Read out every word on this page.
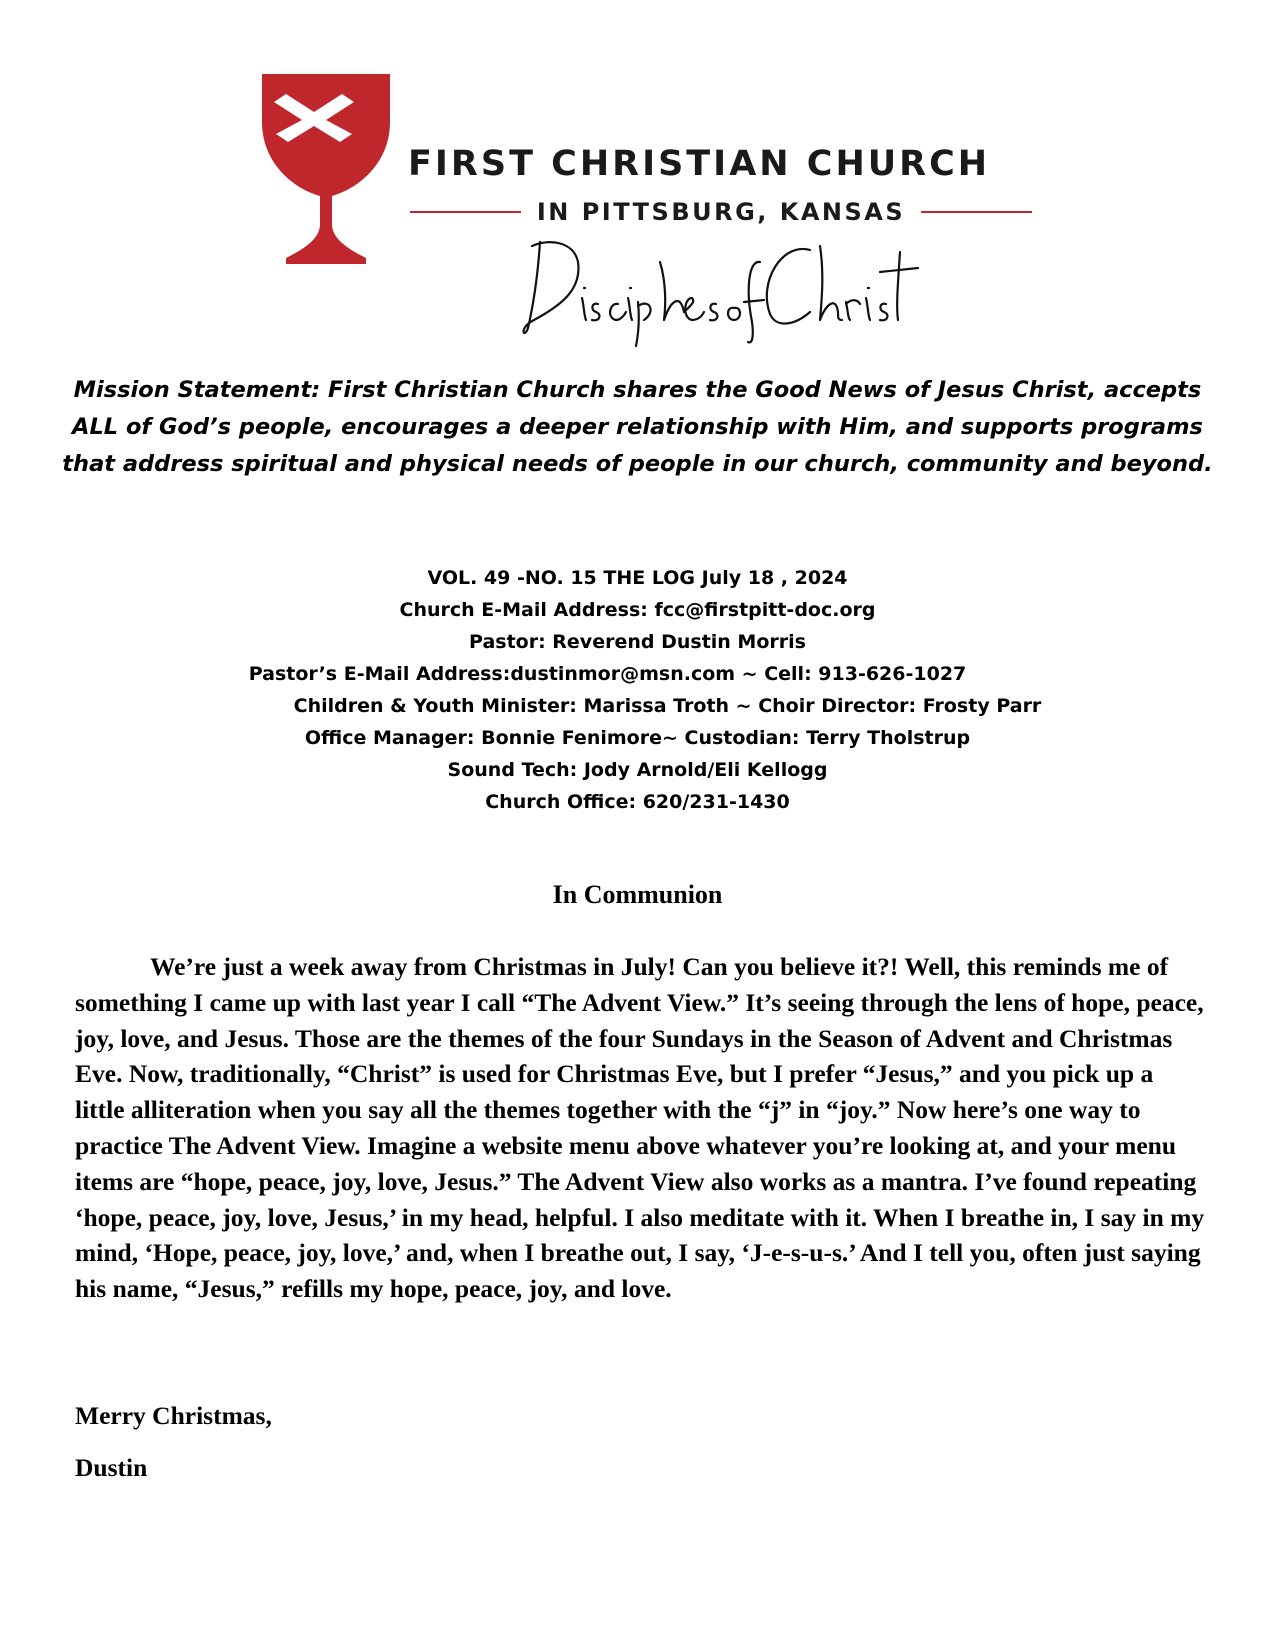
FIRST CHRISTIAN CHURCH
IN PITTSBURG, KANSAS
Mission Statement: First Christian Church shares the Good News of Jesus Christ, accepts ALL of God’s people, encourages a deeper relationship with Him, and supports programs that address spiritual and physical needs of people in our church, community and beyond.
VOL. 49 -NO. 15 THE LOG July 18 , 2024
Church E-Mail Address: fcc@firstpitt-doc.org
Pastor: Reverend Dustin Morris
Pastor’s E-Mail Address:dustinmor@msn.com ~ Cell: 913-626-1027
Children & Youth Minister: Marissa Troth ~ Choir Director: Frosty Parr
Office Manager: Bonnie Fenimore~ Custodian: Terry Tholstrup
Sound Tech: Jody Arnold/Eli Kellogg
Church Office: 620/231-1430
In Communion

We’re just a week away from Christmas in July! Can you believe it?! Well, this reminds me of something I came up with last year I call “The Advent View.” It’s seeing through the lens of hope, peace, joy, love, and Jesus. Those are the themes of the four Sundays in the Season of Advent and Christmas Eve. Now, traditionally, “Christ” is used for Christmas Eve, but I prefer “Jesus,” and you pick up a little alliteration when you say all the themes together with the “j” in “joy.” Now here’s one way to practice The Advent View. Imagine a website menu above whatever you’re looking at, and your menu items are “hope, peace, joy, love, Jesus.” The Advent View also works as a mantra. I’ve found repeating ‘hope, peace, joy, love, Jesus,’ in my head, helpful. I also meditate with it. When I breathe in, I say in my mind, ‘Hope, peace, joy, love,’ and, when I breathe out, I say, ‘J-e-s-u-s.’ And I tell you, often just saying his name, “Jesus,” refills my hope, peace, joy, and love.

Merry Christmas,
Dustin
